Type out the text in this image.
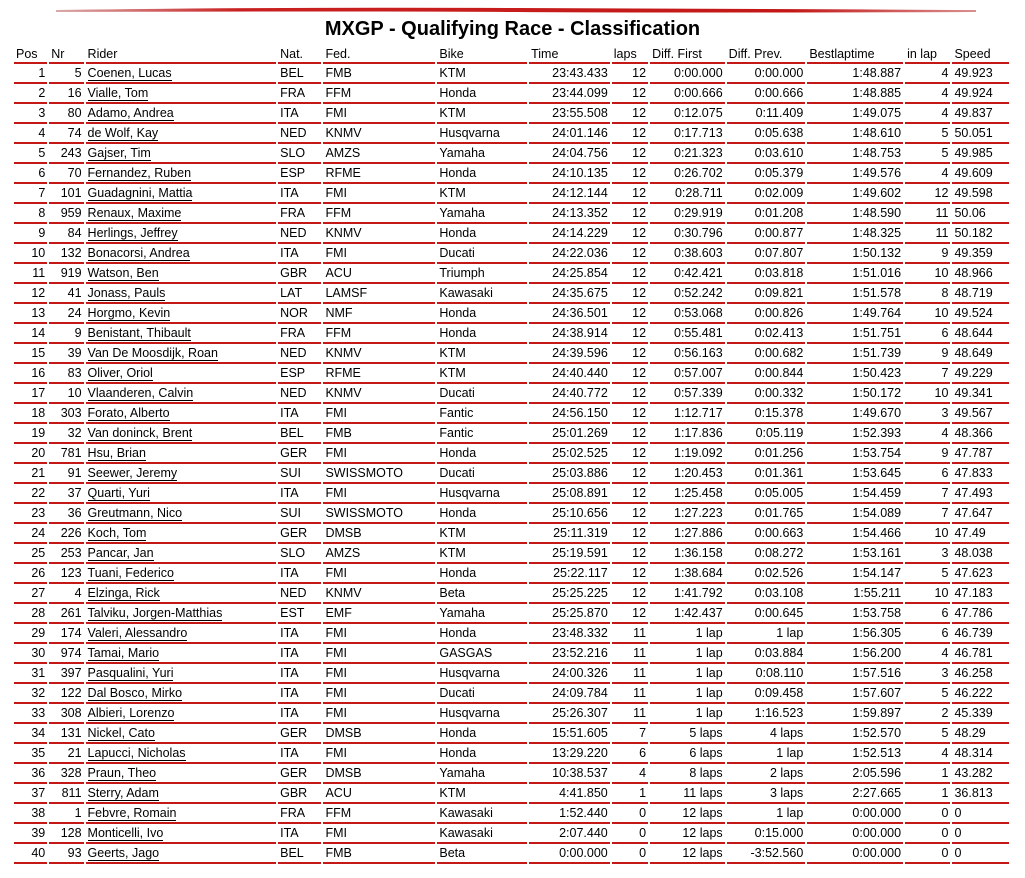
MXGP - Qualifying Race - Classification
Pos	Nr	Rider	Nat.	Fed.	Bike	Time	laps	Diff. First	Diff. Prev.	Bestlaptime	in lap	Speed
1	5	Coenen, Lucas	BEL	FMB	KTM	23:43.433	12	0:00.000	0:00.000	1:48.887	4	49.923
2	16	Vialle, Tom	FRA	FFM	Honda	23:44.099	12	0:00.666	0:00.666	1:48.885	4	49.924
3	80	Adamo, Andrea	ITA	FMI	KTM	23:55.508	12	0:12.075	0:11.409	1:49.075	4	49.837
4	74	de Wolf, Kay	NED	KNMV	Husqvarna	24:01.146	12	0:17.713	0:05.638	1:48.610	5	50.051
5	243	Gajser, Tim	SLO	AMZS	Yamaha	24:04.756	12	0:21.323	0:03.610	1:48.753	5	49.985
6	70	Fernandez, Ruben	ESP	RFME	Honda	24:10.135	12	0:26.702	0:05.379	1:49.576	4	49.609
7	101	Guadagnini, Mattia	ITA	FMI	KTM	24:12.144	12	0:28.711	0:02.009	1:49.602	12	49.598
8	959	Renaux, Maxime	FRA	FFM	Yamaha	24:13.352	12	0:29.919	0:01.208	1:48.590	11	50.06
9	84	Herlings, Jeffrey	NED	KNMV	Honda	24:14.229	12	0:30.796	0:00.877	1:48.325	11	50.182
10	132	Bonacorsi, Andrea	ITA	FMI	Ducati	24:22.036	12	0:38.603	0:07.807	1:50.132	9	49.359
11	919	Watson, Ben	GBR	ACU	Triumph	24:25.854	12	0:42.421	0:03.818	1:51.016	10	48.966
12	41	Jonass, Pauls	LAT	LAMSF	Kawasaki	24:35.675	12	0:52.242	0:09.821	1:51.578	8	48.719
13	24	Horgmo, Kevin	NOR	NMF	Honda	24:36.501	12	0:53.068	0:00.826	1:49.764	10	49.524
14	9	Benistant, Thibault	FRA	FFM	Honda	24:38.914	12	0:55.481	0:02.413	1:51.751	6	48.644
15	39	Van De Moosdijk, Roan	NED	KNMV	KTM	24:39.596	12	0:56.163	0:00.682	1:51.739	9	48.649
16	83	Oliver, Oriol	ESP	RFME	KTM	24:40.440	12	0:57.007	0:00.844	1:50.423	7	49.229
17	10	Vlaanderen, Calvin	NED	KNMV	Ducati	24:40.772	12	0:57.339	0:00.332	1:50.172	10	49.341
18	303	Forato, Alberto	ITA	FMI	Fantic	24:56.150	12	1:12.717	0:15.378	1:49.670	3	49.567
19	32	Van doninck, Brent	BEL	FMB	Fantic	25:01.269	12	1:17.836	0:05.119	1:52.393	4	48.366
20	781	Hsu, Brian	GER	FMI	Honda	25:02.525	12	1:19.092	0:01.256	1:53.754	9	47.787
21	91	Seewer, Jeremy	SUI	SWISSMOTO	Ducati	25:03.886	12	1:20.453	0:01.361	1:53.645	6	47.833
22	37	Quarti, Yuri	ITA	FMI	Husqvarna	25:08.891	12	1:25.458	0:05.005	1:54.459	7	47.493
23	36	Greutmann, Nico	SUI	SWISSMOTO	Honda	25:10.656	12	1:27.223	0:01.765	1:54.089	7	47.647
24	226	Koch, Tom	GER	DMSB	KTM	25:11.319	12	1:27.886	0:00.663	1:54.466	10	47.49
25	253	Pancar, Jan	SLO	AMZS	KTM	25:19.591	12	1:36.158	0:08.272	1:53.161	3	48.038
26	123	Tuani, Federico	ITA	FMI	Honda	25:22.117	12	1:38.684	0:02.526	1:54.147	5	47.623
27	4	Elzinga, Rick	NED	KNMV	Beta	25:25.225	12	1:41.792	0:03.108	1:55.211	10	47.183
28	261	Talviku, Jorgen-Matthias	EST	EMF	Yamaha	25:25.870	12	1:42.437	0:00.645	1:53.758	6	47.786
29	174	Valeri, Alessandro	ITA	FMI	Honda	23:48.332	11	1 lap	1 lap	1:56.305	6	46.739
30	974	Tamai, Mario	ITA	FMI	GASGAS	23:52.216	11	1 lap	0:03.884	1:56.200	4	46.781
31	397	Pasqualini, Yuri	ITA	FMI	Husqvarna	24:00.326	11	1 lap	0:08.110	1:57.516	3	46.258
32	122	Dal Bosco, Mirko	ITA	FMI	Ducati	24:09.784	11	1 lap	0:09.458	1:57.607	5	46.222
33	308	Albieri, Lorenzo	ITA	FMI	Husqvarna	25:26.307	11	1 lap	1:16.523	1:59.897	2	45.339
34	131	Nickel, Cato	GER	DMSB	Honda	15:51.605	7	5 laps	4 laps	1:52.570	5	48.29
35	21	Lapucci, Nicholas	ITA	FMI	Honda	13:29.220	6	6 laps	1 lap	1:52.513	4	48.314
36	328	Praun, Theo	GER	DMSB	Yamaha	10:38.537	4	8 laps	2 laps	2:05.596	1	43.282
37	811	Sterry, Adam	GBR	ACU	KTM	4:41.850	1	11 laps	3 laps	2:27.665	1	36.813
38	1	Febvre, Romain	FRA	FFM	Kawasaki	1:52.440	0	12 laps	1 lap	0:00.000	0	0
39	128	Monticelli, Ivo	ITA	FMI	Kawasaki	2:07.440	0	12 laps	0:15.000	0:00.000	0	0
40	93	Geerts, Jago	BEL	FMB	Beta	0:00.000	0	12 laps	-3:52.560	0:00.000	0	0
